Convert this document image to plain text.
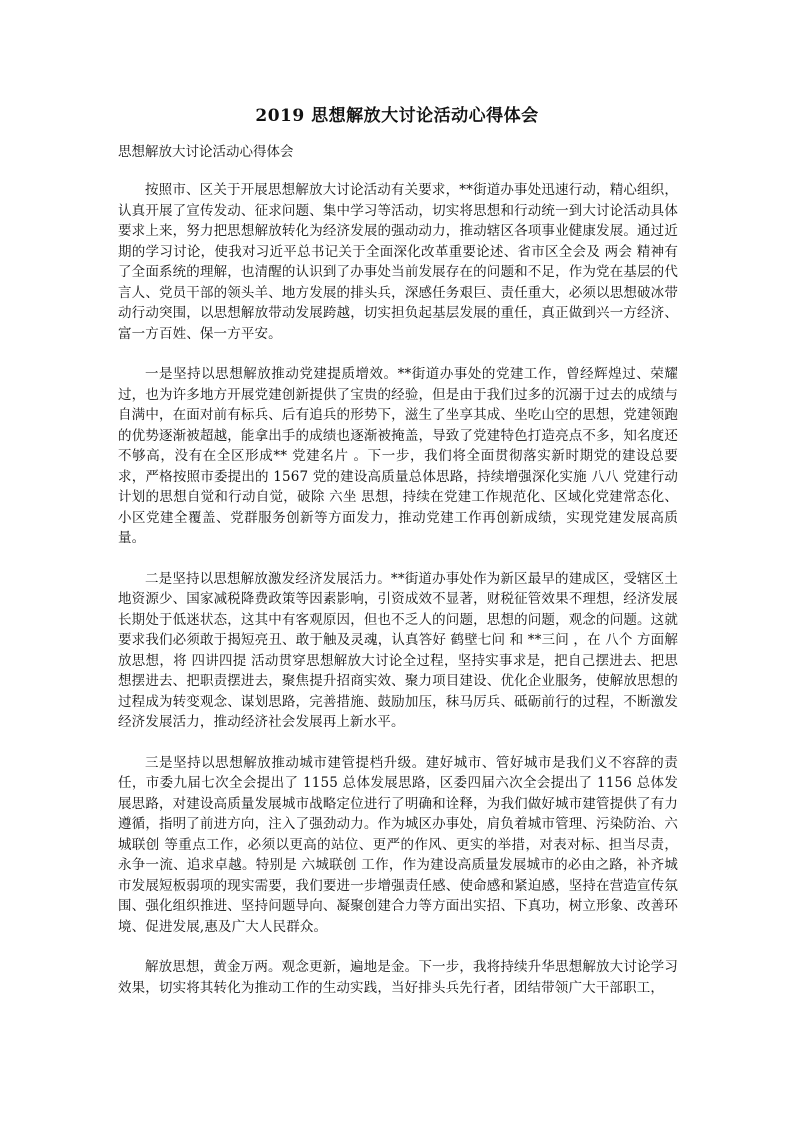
2019 思想解放大讨论活动心得体会
思想解放大讨论活动心得体会

按照市、区关于开展思想解放大讨论活动有关要求，**街道办事处迅速行动，精心组织，认真开展了宣传发动、征求问题、集中学习等活动，切实将思想和行动统一到大讨论活动具体要求上来，努力把思想解放转化为经济发展的强动动力，推动辖区各项事业健康发展。通过近期的学习讨论，使我对习近平总书记关于全面深化改革重要论述、省市区全会及 两会 精神有了全面系统的理解，也清醒的认识到了办事处当前发展存在的问题和不足，作为党在基层的代言人、党员干部的领头羊、地方发展的排头兵，深感任务艰巨、责任重大，必须以思想破冰带动行动突围，以思想解放带动发展跨越，切实担负起基层发展的重任，真正做到兴一方经济、富一方百姓、保一方平安。

一是坚持以思想解放推动党建提质增效。**街道办事处的党建工作，曾经辉煌过、荣耀过，也为许多地方开展党建创新提供了宝贵的经验，但是由于我们过多的沉溺于过去的成绩与自满中，在面对前有标兵、后有追兵的形势下，滋生了坐享其成、坐吃山空的思想，党建领跑的优势逐渐被超越，能拿出手的成绩也逐渐被掩盖，导致了党建特色打造亮点不多，知名度还不够高，没有在全区形成** 党建名片 。下一步，我们将全面贯彻落实新时期党的建设总要求，严格按照市委提出的 1567 党的建设高质量总体思路，持续增强深化实施 八八 党建行动计划的思想自觉和行动自觉，破除 六坐 思想，持续在党建工作规范化、区域化党建常态化、小区党建全覆盖、党群服务创新等方面发力，推动党建工作再创新成绩，实现党建发展高质量。

二是坚持以思想解放激发经济发展活力。**街道办事处作为新区最早的建成区，受辖区土地资源少、国家减税降费政策等因素影响，引资成效不显著，财税征管效果不理想，经济发展长期处于低迷状态，这其中有客观原因，但也不乏人的问题，思想的问题，观念的问题。这就要求我们必须敢于揭短亮丑、敢于触及灵魂，认真答好 鹤壁七问 和 **三问 ，在 八个 方面解放思想，将 四讲四提 活动贯穿思想解放大讨论全过程，坚持实事求是，把自己摆进去、把思想摆进去、把职责摆进去，聚焦提升招商实效、聚力项目建设、优化企业服务，使解放思想的过程成为转变观念、谋划思路，完善措施、鼓励加压，秣马厉兵、砥砺前行的过程，不断激发经济发展活力，推动经济社会发展再上新水平。

三是坚持以思想解放推动城市建管提档升级。建好城市、管好城市是我们义不容辞的责任，市委九届七次全会提出了 1155 总体发展思路，区委四届六次全会提出了 1156 总体发展思路，对建设高质量发展城市战略定位进行了明确和诠释，为我们做好城市建管提供了有力遵循，指明了前进方向，注入了强劲动力。作为城区办事处，肩负着城市管理、污染防治、六城联创 等重点工作，必须以更高的站位、更严的作风、更实的举措，对表对标、担当尽责，永争一流、追求卓越。特别是 六城联创 工作，作为建设高质量发展城市的必由之路，补齐城市发展短板弱项的现实需要，我们要进一步增强责任感、使命感和紧迫感，坚持在营造宣传氛围、强化组织推进、坚持问题导向、凝聚创建合力等方面出实招、下真功，树立形象、改善环境、促进发展,惠及广大人民群众。

解放思想，黄金万两。观念更新，遍地是金。下一步，我将持续升华思想解放大讨论学习效果，切实将其转化为推动工作的生动实践，当好排头兵先行者，团结带领广大干部职工，
